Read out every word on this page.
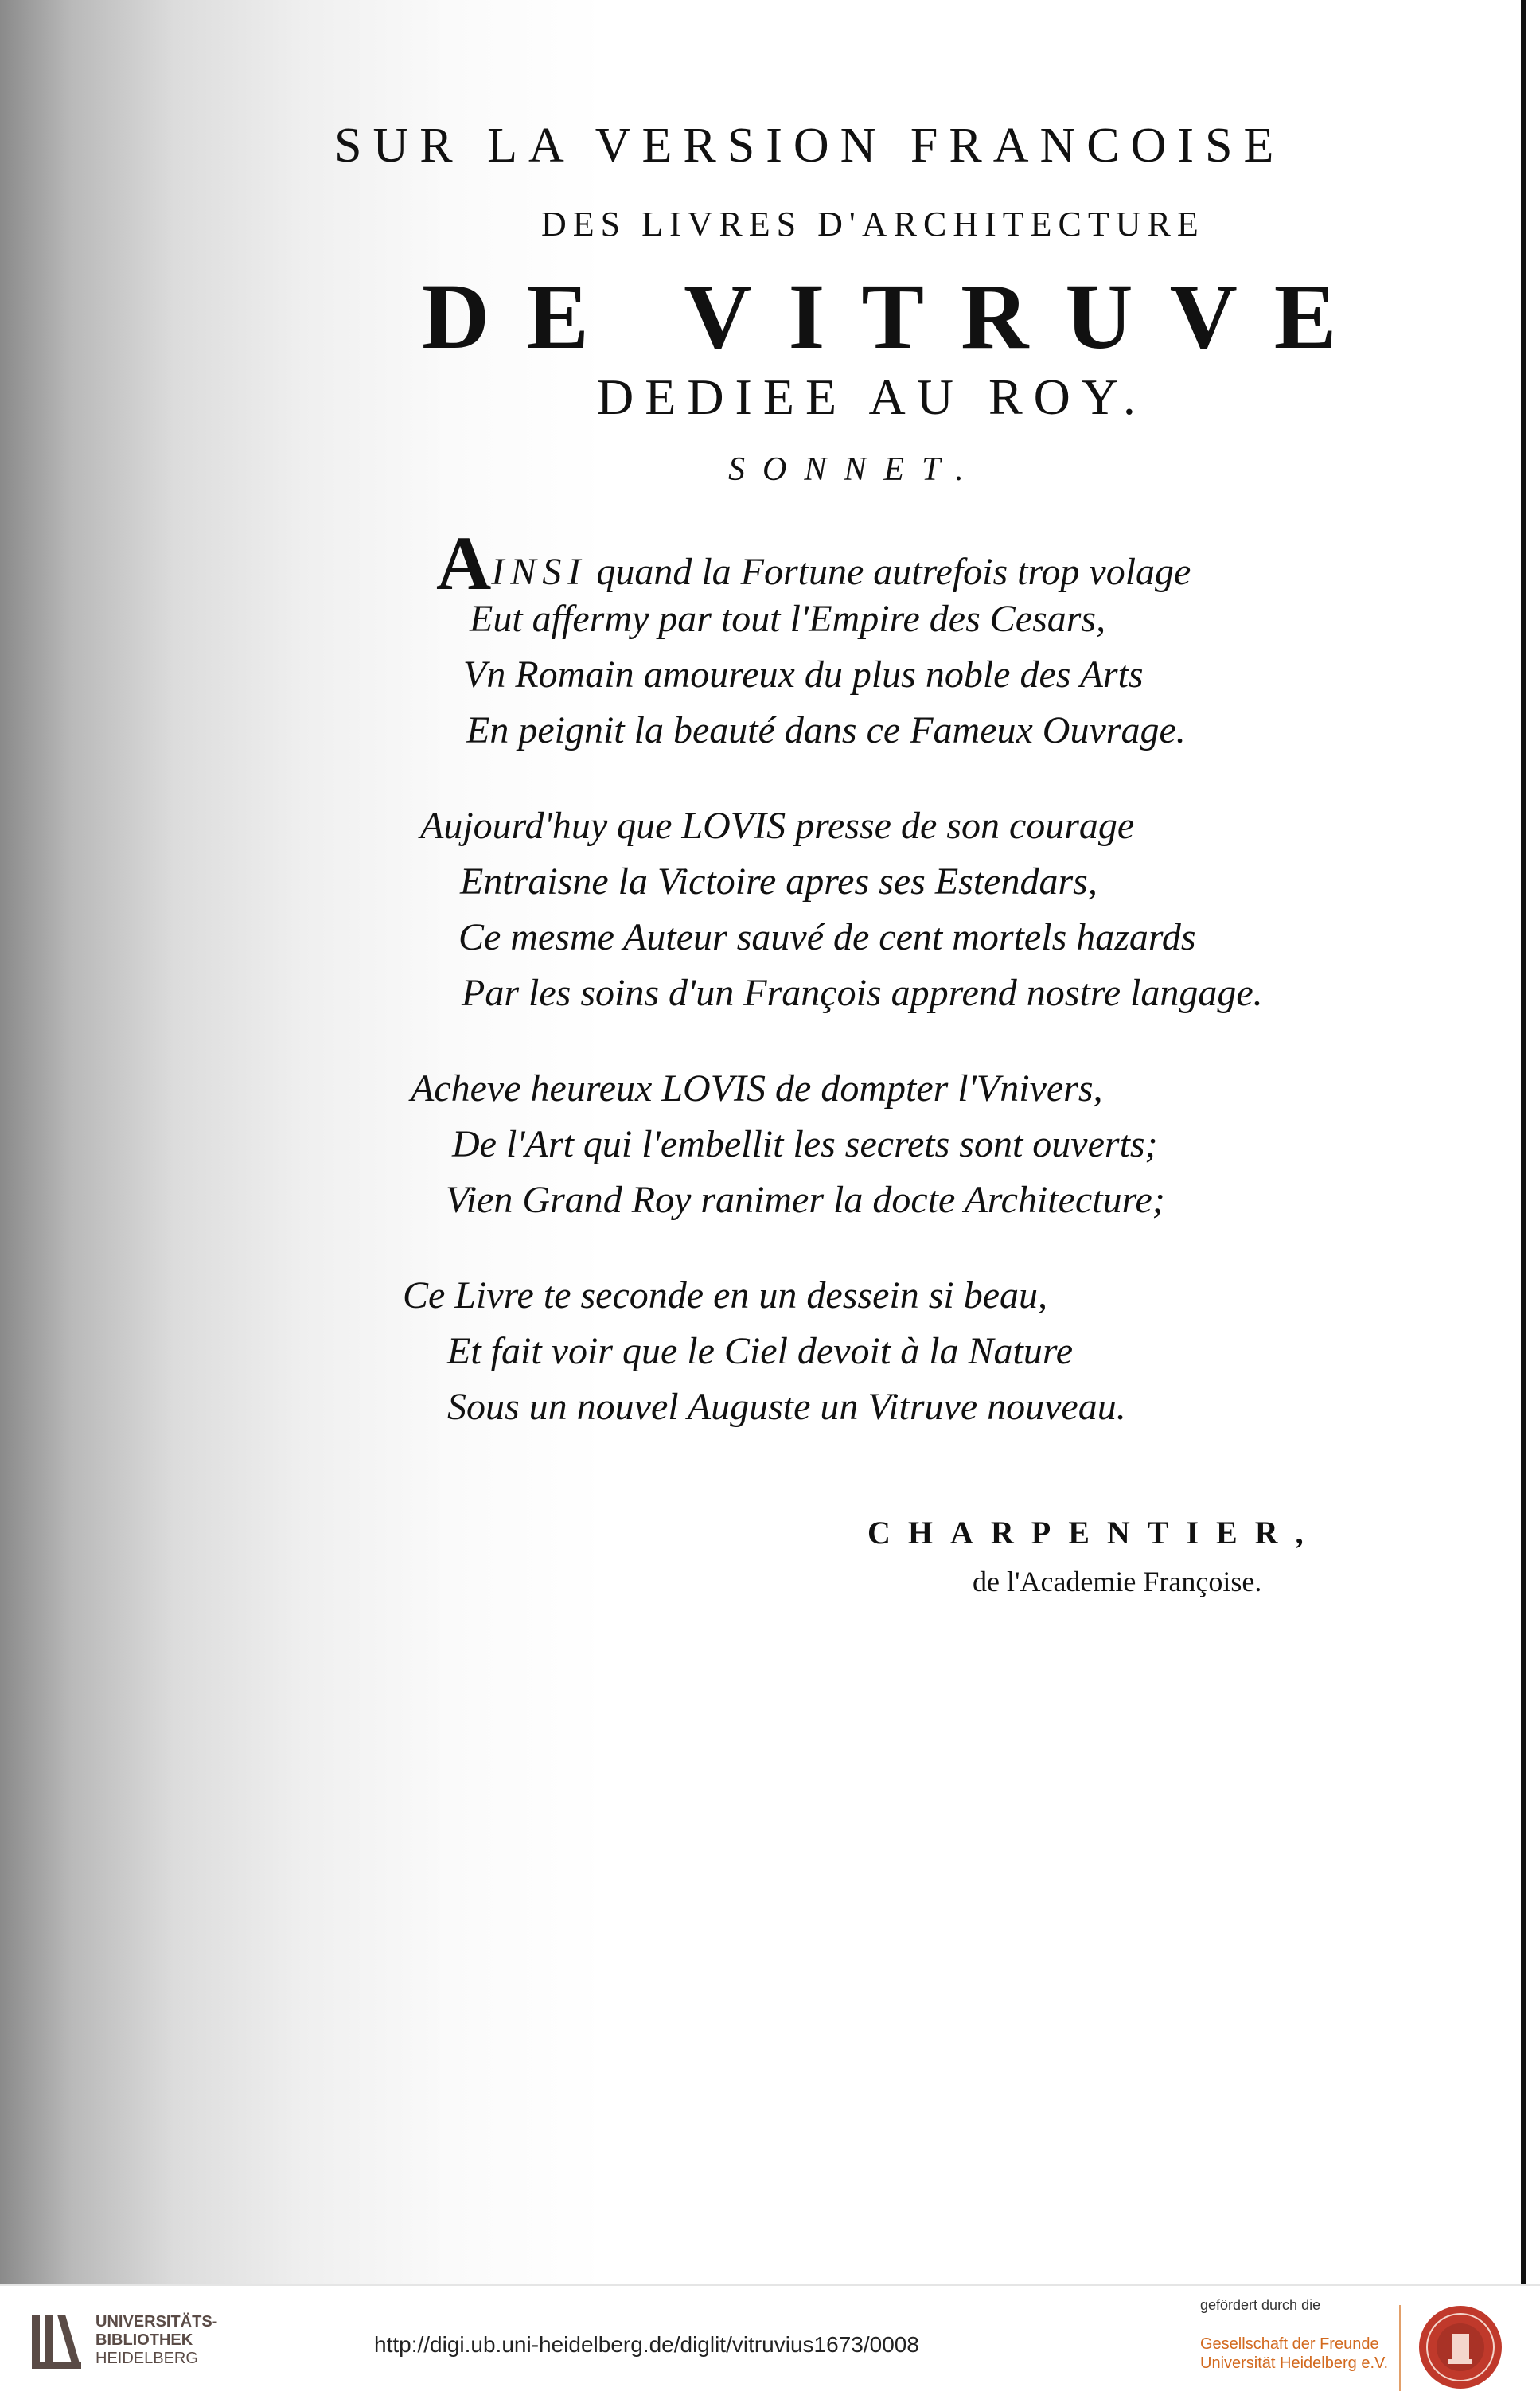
SUR LA VERSION FRANCOISE
DES LIVRES D'ARCHITECTURE
DE VITRUVE
DEDIEE AU ROY.
SONNET.
AINSI quand la Fortune autrefois trop volage
Eut affermy par tout l'Empire des Cesars,
Vn Romain amoureux du plus noble des Arts
En peignit la beauté dans ce Fameux Ouvrage.
Aujourd'huy que LOVIS presse de son courage
Entraisne la Victoire apres ses Estendars,
Ce mesme Auteur sauvé de cent mortels hazards
Par les soins d'un François apprend nostre langage.
Acheve heureux LOVIS de dompter l'Vnivers,
De l'Art qui l'embellit les secrets sont ouverts;
Vien Grand Roy ranimer la docte Architecture;
Ce Livre te seconde en un dessein si beau,
Et fait voir que le Ciel devoit à la Nature
Sous un nouvel Auguste un Vitruve nouveau.
CHARPENTIER,
de l'Academie Françoise.
UNIVERSITÄTS-
BIBLIOTHEK
HEIDELBERG
http://digi.ub.uni-heidelberg.de/diglit/vitruvius1673/0008
gefördert durch die
Gesellschaft der Freunde
Universität Heidelberg e.V.
